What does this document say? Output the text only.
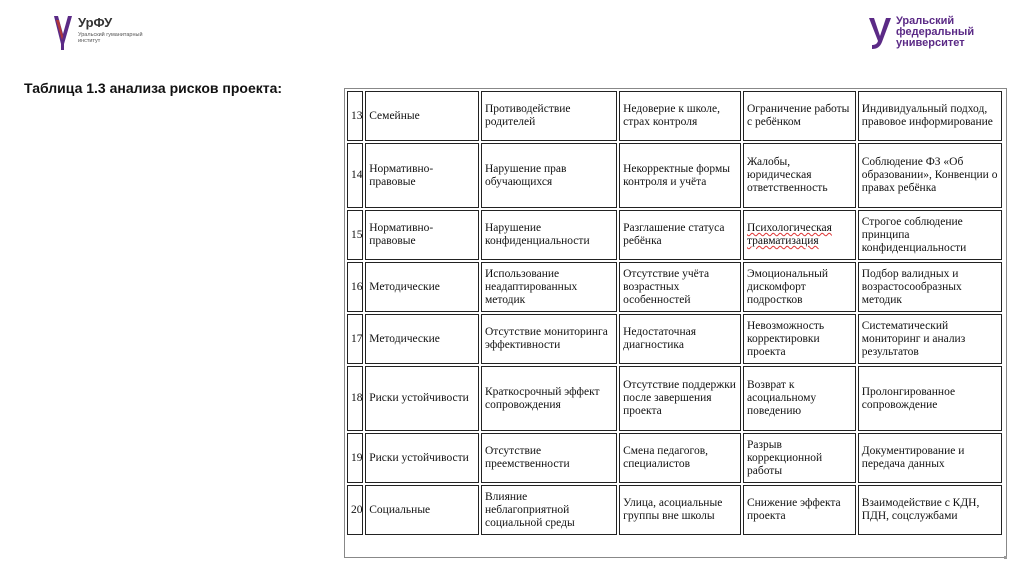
УрФУ
Уральский гуманитарный институт
Уральский
федеральный
университет
Таблица 1.3 анализа рисков проекта:
13	Семейные	Противодействие родителей	Недоверие к школе, страх контроля	Ограничение работы с ребёнком	Индивидуальный подход, правовое информирование
14	Нормативно-правовые	Нарушение прав обучающихся	Некорректные формы контроля и учёта	Жалобы, юридическая ответственность	Соблюдение ФЗ «Об образовании», Конвенции о правах ребёнка
15	Нормативно-правовые	Нарушение конфиденциальности	Разглашение статуса ребёнка	Психологическая травматизация	Строгое соблюдение принципа конфиденциальности
16	Методические	Использование неадаптированных методик	Отсутствие учёта возрастных особенностей	Эмоциональный дискомфорт подростков	Подбор валидных и возрастосообразных методик
17	Методические	Отсутствие мониторинга эффективности	Недостаточная диагностика	Невозможность корректировки проекта	Систематический мониторинг и анализ результатов
18	Риски устойчивости	Краткосрочный эффект сопровождения	Отсутствие поддержки после завершения проекта	Возврат к асоциальному поведению	Пролонгированное сопровождение
19	Риски устойчивости	Отсутствие преемственности	Смена педагогов, специалистов	Разрыв коррекционной работы	Документирование и передача данных
20	Социальные	Влияние неблагоприятной социальной среды	Улица, асоциальные группы вне школы	Снижение эффекта проекта	Взаимодействие с КДН, ПДН, соцслужбами
